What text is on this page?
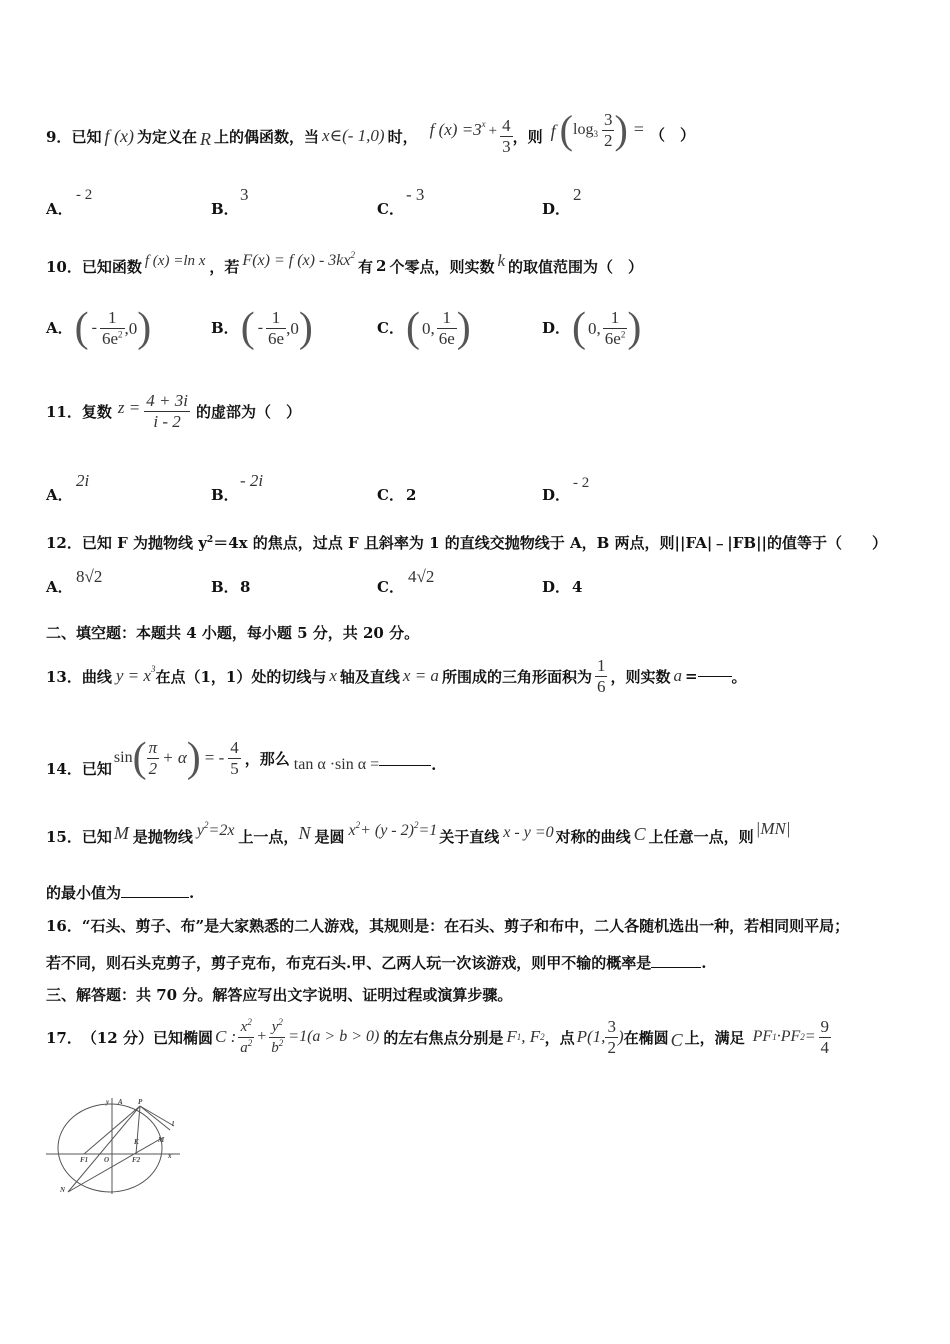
9． 已知 f (x) 为定义在 R 上的偶函数，当 x∈(- 1,0) 时， f (x) =3 $x + \frac{4}{3}$ ，则 f ( $\log 3 \frac{3}{2}$ ) = （　）
A．
- 2
B．
3
C．
- 3
D．
2
10． 已知函数 f (x) =ln x ，若 F(x) = f (x) - 3kx 2
有 2 个零点，则实数 k 的取值范围为（　）
A． ( - $\frac{1}{6e^2} ,0$ )	B． ( - $\frac{1}{6e} ,0$ )	C． ( 0, $\frac{1}{6e}$ )	D． ( 0, $\frac{1}{6e^2}$ )
11． 复数 $z = \frac{4 + 3i}{i - 2}$ 的虚部为（　）
A．
2i
B．
- 2i
C． 2	D．
- 2
12．已知 F 为抛物线 $y^2=4x$ 的焦点，过点 F 且斜率为 1 的直线交抛物线于 A，B 两点，则||FA|﹣|FB||的值等于（　　）
A．
8√2
B． 8	C．
4√2
D． 4
二、填空题：本题共 4 小题，每小题 5 分，共 20 分。
13． 曲线 y = x 3 在点（1，1）处的切线与 x 轴及直线 x = a 所围成的三角形面积为 $\frac{1}{6}$ ，则实数 a = 。
14． 已知
sin ( $\frac{\pi}{2} + \alpha$ ) = - $\frac{4}{5}$ ，那么 tan α ·sin α =	.
15． 已知 M 是抛物线 y 2 =2x 上一点， N 是圆 x 2 + (y - 2) 2 =1 关于直线 x - y =0 对称的曲线 C 上任意一点，则 |MN|
的最小值为	.
16．“石头、剪子、布”是大家熟悉的二人游戏，其规则是：在石头、剪子和布中，二人各随机选出一种，若相同则平局；
若不同，则石头克剪子，剪子克布，布克石头.甲、乙两人玩一次该游戏，则甲不输的概率是	.
三、解答题：共 70 分。解答应写出文字说明、证明过程或演算步骤。
17． （12 分） 已知椭圆 C : $\frac{x^2}{a^2} + \frac{y^2}{b^2} =1(a > b > 0)$ 的左右焦点分别是 F 1 , F 2 ，点 P(1, $\frac{3}{2}$ ) 在椭圆 C 上，满足 PF 1 ·PF $2 = \frac{9}{4}$
N
P
M
F1 O	F2	x
y A
K
l
